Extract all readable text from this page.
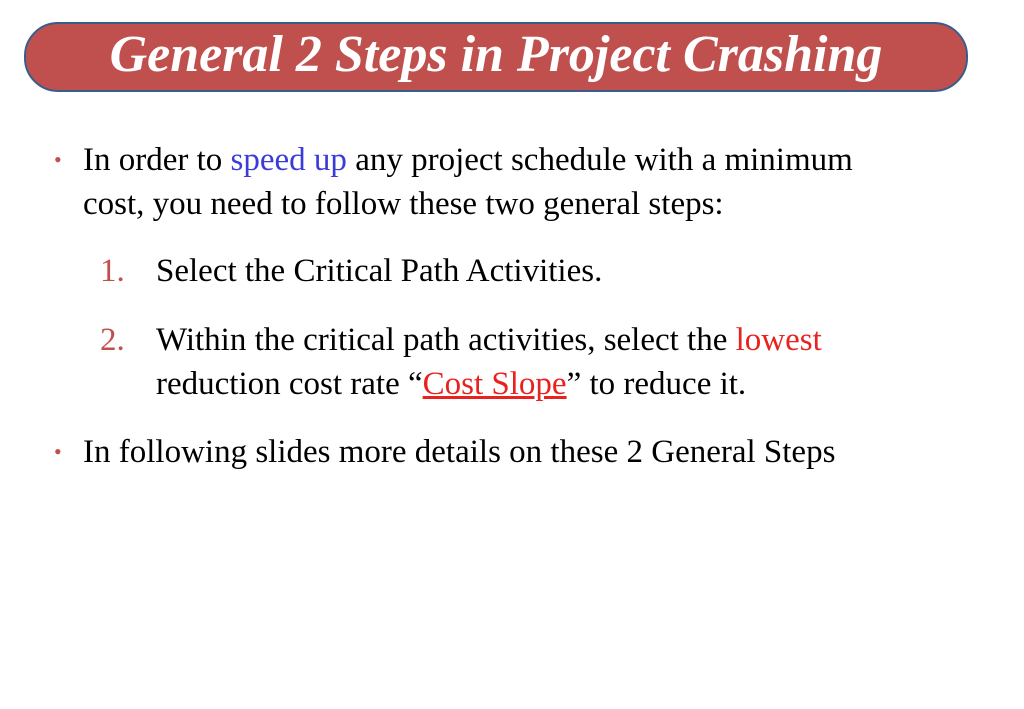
General 2 Steps in Project Crashing
• In order to speed up any project schedule with a minimum
cost, you need to follow these two general steps:
1. Select the Critical Path Activities.
2. Within the critical path activities, select the lowest
reduction cost rate “Cost Slope” to reduce it.
• In following slides more details on these 2 General Steps
